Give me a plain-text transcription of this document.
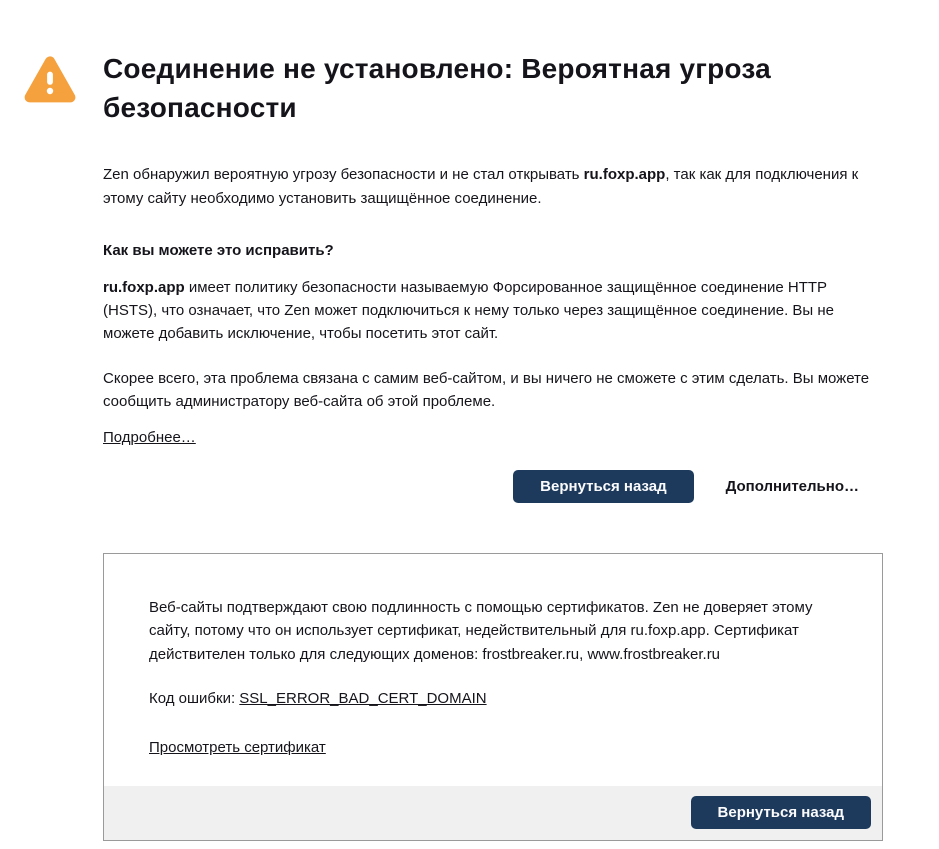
Соединение не установлено: Вероятная угроза безопасности

Zen обнаружил вероятную угрозу безопасности и не стал открывать ru.foxp.app, так как для подключения к этому сайту необходимо установить защищённое соединение.

Как вы можете это исправить?

ru.foxp.app имеет политику безопасности называемую Форсированное защищённое соединение HTTP (HSTS), что означает, что Zen может подключиться к нему только через защищённое соединение. Вы не можете добавить исключение, чтобы посетить этот сайт.

Скорее всего, эта проблема связана с самим веб-сайтом, и вы ничего не сможете с этим сделать. Вы можете сообщить администратору веб-сайта об этой проблеме.

Подробнее…
Вернуться назад	Дополнительно…

Веб-сайты подтверждают свою подлинность с помощью сертификатов. Zen не доверяет этому сайту, потому что он использует сертификат, недействительный для ru.foxp.app. Сертификат действителен только для следующих доменов: frostbreaker.ru, www.frostbreaker.ru

Код ошибки: SSL_ERROR_BAD_CERT_DOMAIN

Просмотреть сертификат
Вернуться назад
